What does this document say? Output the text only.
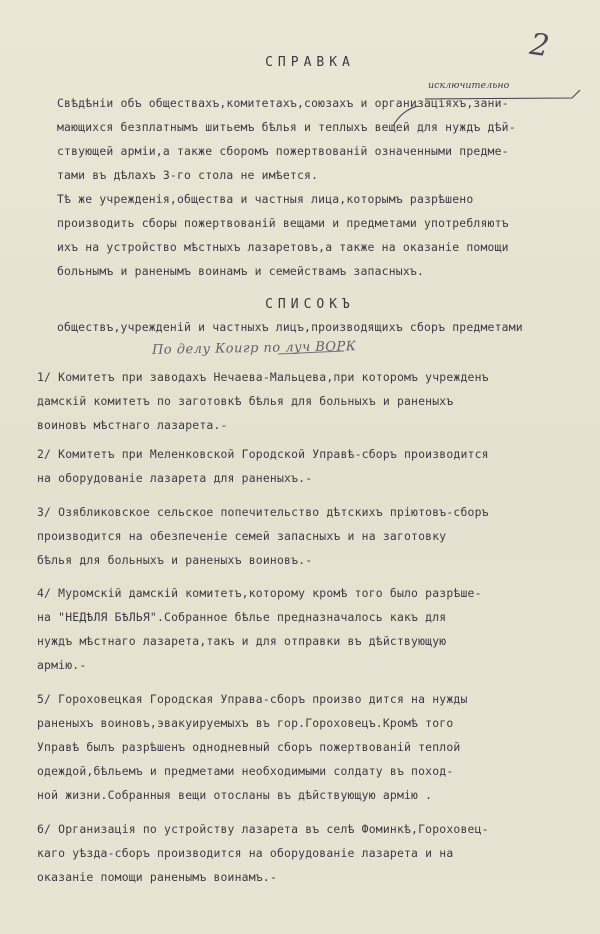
2
СПРАВКА
исключительно
Свѣдѣнiи объ обществахъ,комитетахъ,союзахъ и организацiяхъ,зани-
мающихся безплатнымъ шитьемъ бѣлья и теплыхъ вещей для нуждъ дѣй-
ствующей армiи,а также сборомъ пожертвованiй означенными предме-
тами въ дѣлахъ 3-го стола не имѣется.
Тѣ же учрежденiя,общества и частныя лица,которымъ разрѣшено
производить сборы пожертвованiй вещами и предметами употребляютъ
ихъ на устройство мѣстныхъ лазаретовъ,а также на оказанiе помощи
больнымъ и раненымъ воинамъ и семействамъ запасныхъ.
СПИСОКЪ
обществъ,учрежденiй и частныхъ лицъ,производящихъ сборъ предметами
По делу Коигр по луч ВОРК
1/ Комитетъ при заводахъ Нечаева-Мальцева,при которомъ учрежденъ
дамскiй комитетъ по заготовкѣ бѣлья для больныхъ и раненыхъ
воиновъ мѣстнаго лазарета.-
2/ Комитетъ при Меленковской Городской Управѣ-сборъ производится
на оборудованiе лазарета для раненыхъ.-
3/ Озябликовское сельское попечительство дѣтскихъ прiютовъ-сборъ
производится на обезпеченiе семей запасныхъ и на заготовку
бѣлья для больныхъ и раненыхъ воиновъ.-
4/ Муромскiй дамскiй комитетъ,которому кромѣ того было разрѣше-
на "НЕДѢЛЯ БѢЛЬЯ".Собранное бѣлье предназначалось какъ для
нуждъ мѣстнаго лазарета,такъ и для отправки въ дѣйствующую
армiю.-
5/ Гороховецкая Городская Управа-сборъ произво дится на нужды
раненыхъ воиновъ,эвакуируемыхъ въ гор.Гороховецъ.Кромѣ того
Управѣ былъ разрѣшенъ однодневный сборъ пожертвованiй теплой
одеждой,бѣльемъ и предметами необходимыми солдату въ поход-
ной жизни.Собранныя вещи отосланы въ дѣйствующую армiю .
6/ Организацiя по устройству лазарета въ селѣ Фоминкѣ,Гороховец-
каго уѣзда-сборъ производится на оборудованiе лазарета и на
оказанiе помощи раненымъ воинамъ.-
